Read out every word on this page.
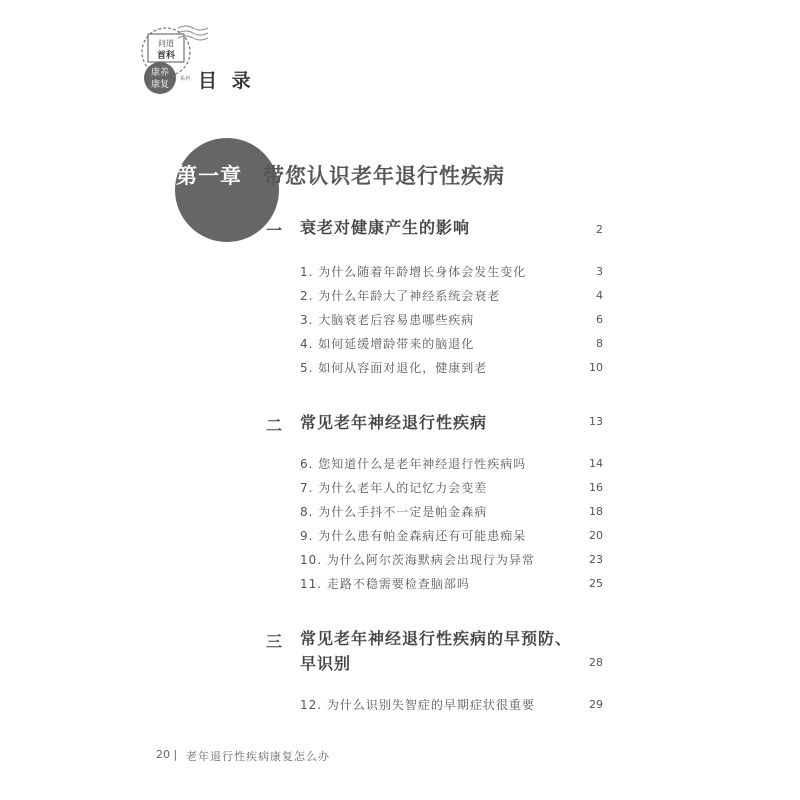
问道
首科
康养
康复
系列 目 录
第一章 带您认识老年退行性疾病
一 衰老对健康产生的影响	2
1. 为什么随着年龄增长身体会发生变化	3
2. 为什么年龄大了神经系统会衰老	4
3. 大脑衰老后容易患哪些疾病	6
4. 如何延缓增龄带来的脑退化	8
5. 如何从容面对退化，健康到老	10
二 常见老年神经退行性疾病	13
6. 您知道什么是老年神经退行性疾病吗	14
7. 为什么老年人的记忆力会变差	16
8. 为什么手抖不一定是帕金森病	18
9. 为什么患有帕金森病还有可能患痴呆	20
10. 为什么阿尔茨海默病会出现行为异常	23
11. 走路不稳需要检查脑部吗	25
三 常见老年神经退行性疾病的早预防、
早识别	28
12. 为什么识别失智症的早期症状很重要	29
20 | 老年退行性疾病康复怎么办
